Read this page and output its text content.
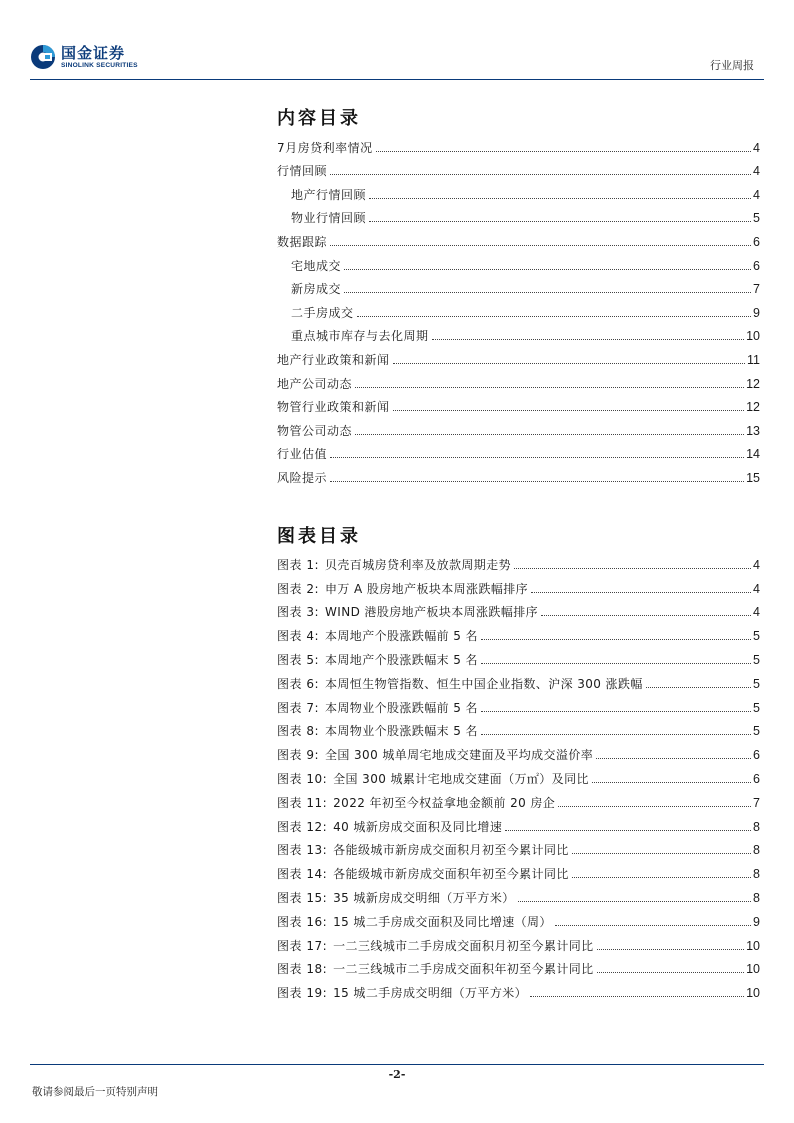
国金证券
SINOLINK SECURITIES	行业周报
内容目录
7月房贷利率情况	4
行情回顾	4
地产行情回顾	4
物业行情回顾	5
数据跟踪	6
宅地成交	6
新房成交	7
二手房成交	9
重点城市库存与去化周期	10
地产行业政策和新闻	11
地产公司动态	12
物管行业政策和新闻	12
物管公司动态	13
行业估值	14
风险提示	15
图表目录
图表 1: 贝壳百城房贷利率及放款周期走势	4
图表 2: 申万 A 股房地产板块本周涨跌幅排序	4
图表 3: WIND 港股房地产板块本周涨跌幅排序	4
图表 4: 本周地产个股涨跌幅前 5 名	5
图表 5: 本周地产个股涨跌幅末 5 名	5
图表 6: 本周恒生物管指数、恒生中国企业指数、沪深 300 涨跌幅	5
图表 7: 本周物业个股涨跌幅前 5 名	5
图表 8: 本周物业个股涨跌幅末 5 名	5
图表 9: 全国 300 城单周宅地成交建面及平均成交溢价率	6
图表 10: 全国 300 城累计宅地成交建面（万㎡）及同比	6
图表 11: 2022 年初至今权益拿地金额前 20 房企	7
图表 12: 40 城新房成交面积及同比增速	8
图表 13: 各能级城市新房成交面积月初至今累计同比	8
图表 14: 各能级城市新房成交面积年初至今累计同比	8
图表 15: 35 城新房成交明细（万平方米）	8
图表 16: 15 城二手房成交面积及同比增速（周）	9
图表 17: 一二三线城市二手房成交面积月初至今累计同比	10
图表 18: 一二三线城市二手房成交面积年初至今累计同比	10
图表 19: 15 城二手房成交明细（万平方米）	10
-2-
敬请参阅最后一页特别声明
